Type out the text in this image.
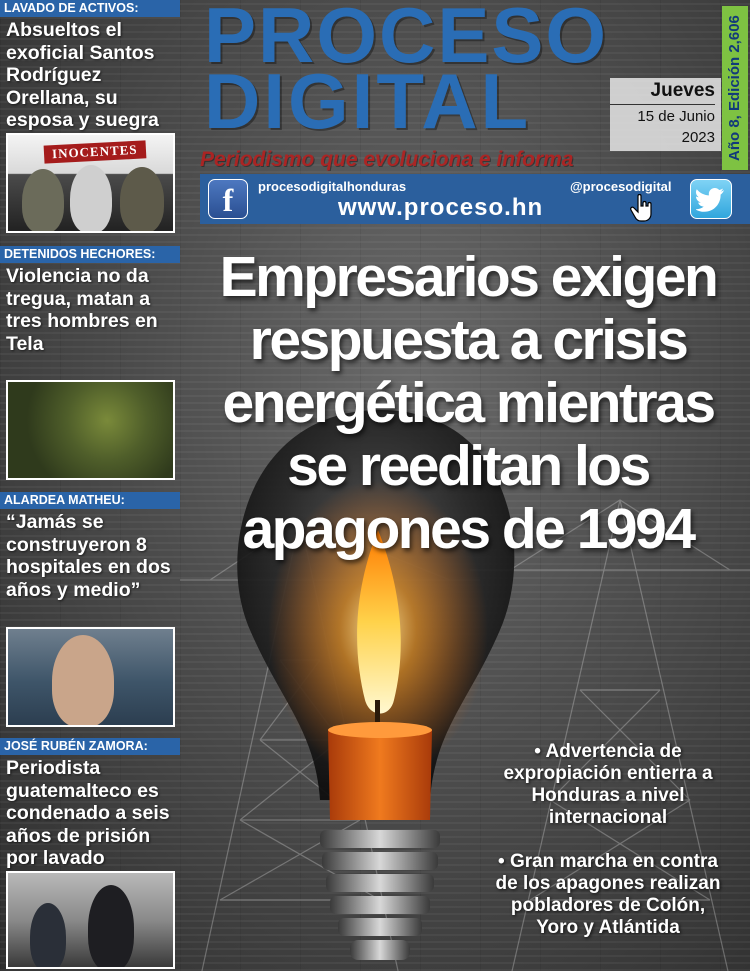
PROCESO
DIGITAL
Periodismo que evoluciona e informa
Jueves
15 de Junio
2023 Año 8, Edición 2,606
f	procesodigitalhonduras
www.proceso.hn
@procesodigital
LAVADO DE ACTIVOS:
Absueltos el exoficial Santos Rodríguez Orellana, su esposa y suegra
INOCENTES
DETENIDOS HECHORES:
Violencia no da tregua, matan a tres hombres en Tela
ALARDEA MATHEU:
“Jamás se construyeron 8 hospitales en dos años y medio”
JOSÉ RUBÉN ZAMORA:
Periodista guatemalteco es condenado a seis años de prisión por lavado
Empresarios exigen respuesta a crisis energética mientras se reeditan los apagones de 1994
• Advertencia de expropiación entierra a Honduras a nivel internacional
• Gran marcha en contra de los apagones realizan pobladores de Colón, Yoro y Atlántida
